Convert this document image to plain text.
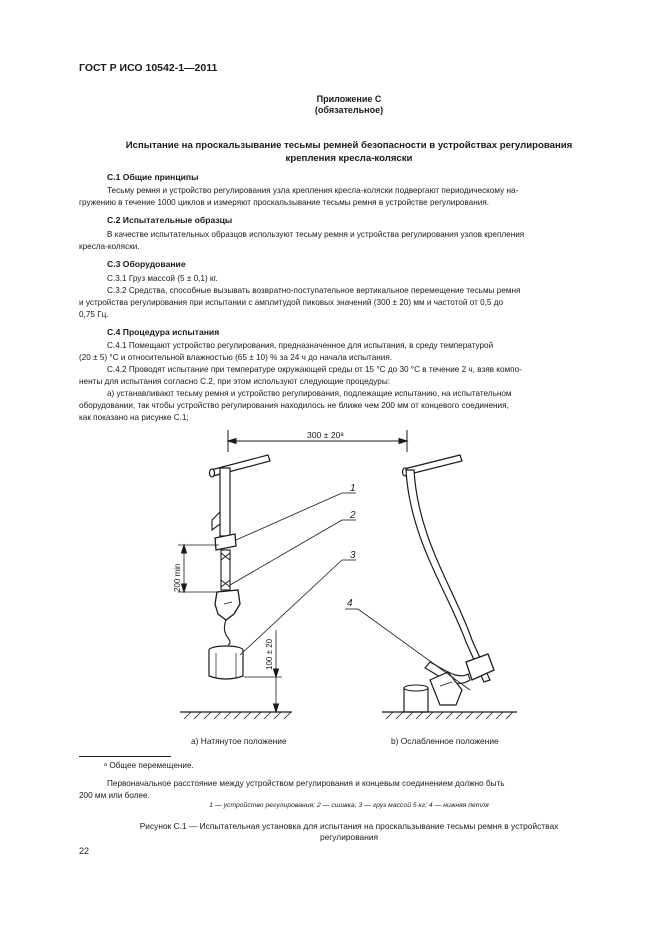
ГОСТ Р ИСО 10542-1—2011
Приложение С
(обязательное)
Испытание на проскальзывание тесьмы ремней безопасности в устройствах регулирования
крепления кресла-коляски
С.1 Общие принципы
Тесьму ремня и устройство регулирования узла крепления кресла-коляски подвергают периодическому на-
гружению в течение 1000 циклов и измеряют проскальзывание тесьмы ремня в устройстве регулирования.
С.2 Испытательные образцы
В качестве испытательных образцов используют тесьму ремня и устройства регулирования узлов крепления
кресла-коляски.
С.3 Оборудование
С.3.1 Груз массой (5 ± 0,1) кг.
С.3.2 Средства, способные вызывать возвратно-поступательное вертикальное перемещение тесьмы ремня
и устройства регулирования при испытании с амплитудой пиковых значений (300 ± 20) мм и частотой от 0,5 до
0,75 Гц.
С.4 Процедура испытания
С.4.1 Помещают устройство регулирования, предназначенное для испытания, в среду температурой
(20 ± 5) °С и относительной влажностью (65 ± 10) % за 24 ч до начала испытания.
С.4.2 Проводят испытание при температуре окружающей среды от 15 °С до 30 °С в течение 2 ч, взяв компо-
ненты для испытания согласно С.2, при этом используют следующие процедуры:
а) устанавливают тесьму ремня и устройство регулирования, подлежащие испытанию, на испытательном
оборудовании, так чтобы устройство регулирования находилось не ближе чем 200 мм от концевого соединения,
как показано на рисунке С.1;
300 ± 20ᵃ
1
2
3
4
200 min
100 ± 20
а) Натянутое положение	b) Ослабленное положение
ᵃ Общее перемещение.
Первоначальное расстояние между устройством регулирования и концевым соединением должно быть
200 мм или более.
1 — устройство регулирования; 2 — сшивка; 3 — груз массой 5 кг; 4 — нижняя петля
Рисунок С.1 — Испытательная установка для испытания на проскальзывание тесьмы ремня в устройствах
регулирования
22
